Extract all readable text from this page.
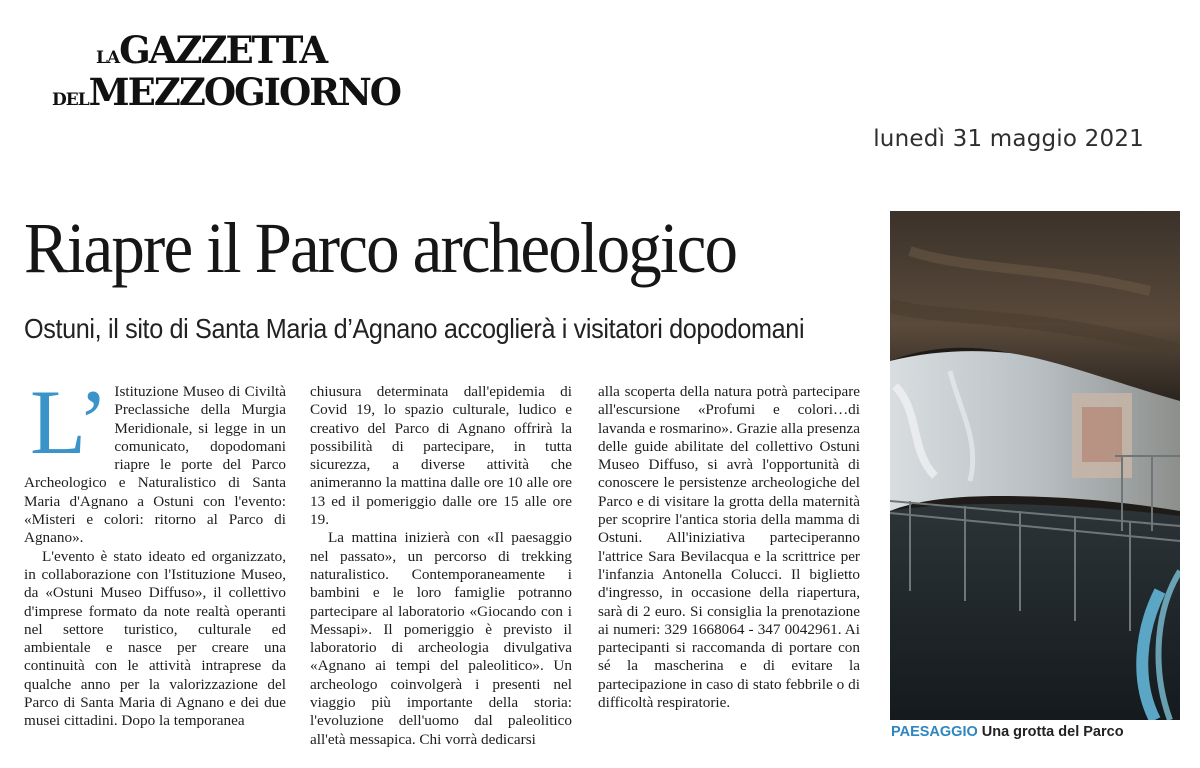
LAGAZZETTA
DELMEZZOGIORNO
lunedì 31 maggio 2021
Riapre il Parco archeologico
Ostuni, il sito di Santa Maria d’Agnano accoglierà i visitatori dopodomani
L’ Istituzione Museo di Civiltà Preclassiche della Murgia Meridionale, si legge in un comunicato, dopodomani riapre le porte del Parco Archeologico e Naturalistico di Santa Maria d'Agnano a Ostuni con l'evento: «Misteri e colori: ritorno al Parco di Agnano».

L'evento è stato ideato ed organizzato, in collaborazione con l'Istituzione Museo, da «Ostuni Museo Diffuso», il collettivo d'imprese formato da note realtà operanti nel settore turistico, culturale ed ambientale e nasce per creare una continuità con le attività intraprese da qualche anno per la valorizzazione del Parco di Santa Maria di Agnano e dei due musei cittadini. Dopo la temporanea

chiusura determinata dall'epidemia di Covid 19, lo spazio culturale, ludico e creativo del Parco di Agnano offrirà la possibilità di partecipare, in tutta sicurezza, a diverse attività che animeranno la mattina dalle ore 10 alle ore 13 ed il pomeriggio dalle ore 15 alle ore 19.

La mattina inizierà con «Il paesaggio nel passato», un percorso di trekking naturalistico. Contemporaneamente i bambini e le loro famiglie potranno partecipare al laboratorio «Giocando con i Messapi». Il pomeriggio è previsto il laboratorio di archeologia divulgativa «Agnano ai tempi del paleolitico». Un archeologo coinvolgerà i presenti nel viaggio più importante della storia: l'evoluzione dell'uomo dal paleolitico all'età messapica. Chi vorrà dedicarsi

alla scoperta della natura potrà partecipare all'escursione «Profumi e colori…di lavanda e rosmarino». Grazie alla presenza delle guide abilitate del collettivo Ostuni Museo Diffuso, si avrà l'opportunità di conoscere le persistenze archeologiche del Parco e di visitare la grotta della maternità per scoprire l'antica storia della mamma di Ostuni. All'iniziativa parteciperanno l'attrice Sara Bevilacqua e la scrittrice per l'infanzia Antonella Colucci. Il biglietto d'ingresso, in occasione della riapertura, sarà di 2 euro. Si consiglia la prenotazione ai numeri: 329 1668064 - 347 0042961. Ai partecipanti si raccomanda di portare con sé la mascherina e di evitare la partecipazione in caso di stato febbrile o di difficoltà respiratorie.

PAESAGGIO Una grotta del Parco
